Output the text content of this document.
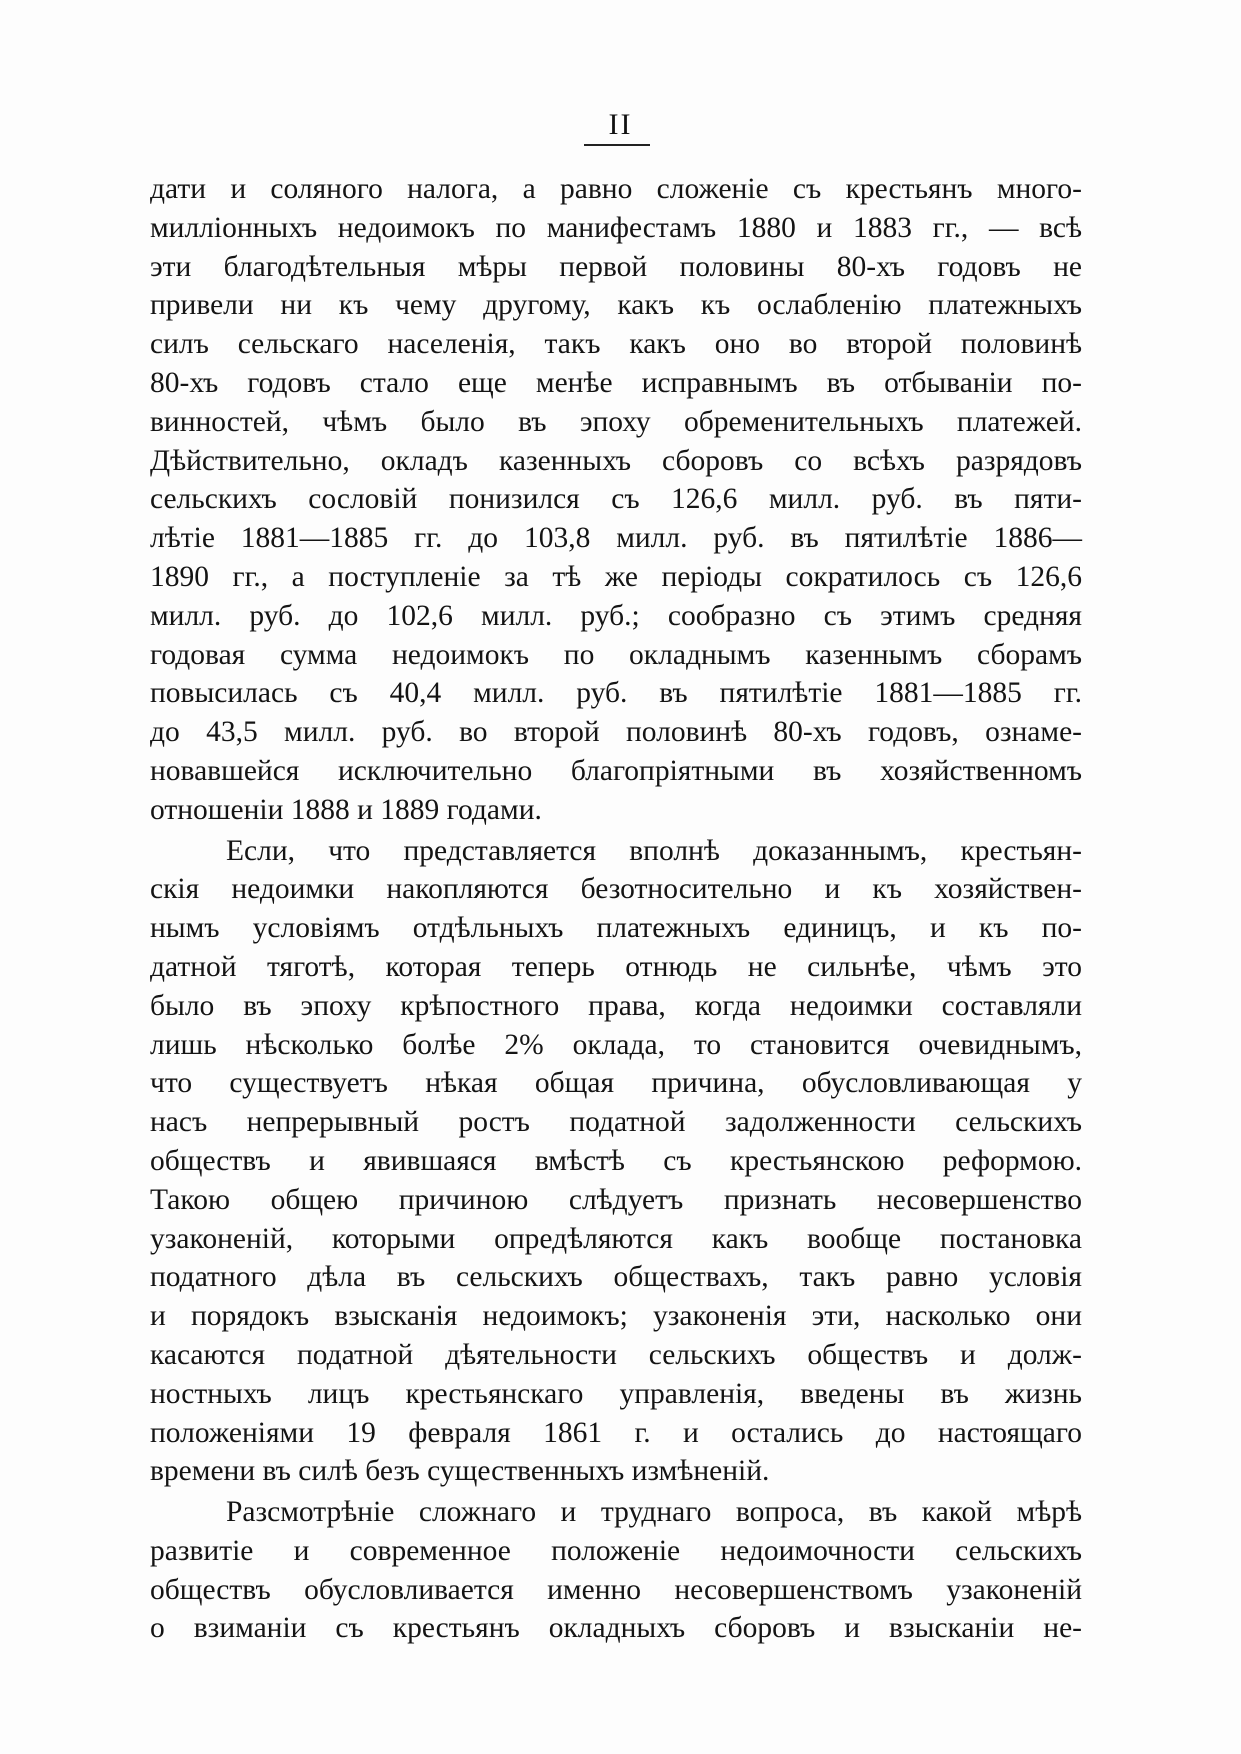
II
дати и соляного налога, а равно сложеніе съ крестьянъ много-
милліонныхъ недоимокъ по манифестамъ 1880 и 1883 гг., — всѣ
эти благодѣтельныя мѣры первой половины 80-хъ годовъ не
привели ни къ чему другому, какъ къ ослабленію платежныхъ
силъ сельскаго населенія, такъ какъ оно во второй половинѣ
80-хъ годовъ стало еще менѣе исправнымъ въ отбываніи по-
винностей, чѣмъ было въ эпоху обременительныхъ платежей.
Дѣйствительно, окладъ казенныхъ сборовъ со всѣхъ разрядовъ
сельскихъ сословій понизился съ 126,6 милл. руб. въ пяти-
лѣтіе 1881—1885 гг. до 103,8 милл. руб. въ пятилѣтіе 1886—
1890 гг., а поступленіе за тѣ же періоды сократилось съ 126,6
милл. руб. до 102,6 милл. руб.; сообразно съ этимъ средняя
годовая сумма недоимокъ по окладнымъ казеннымъ сборамъ
повысилась съ 40,4 милл. руб. въ пятилѣтіе 1881—1885 гг.
до 43,5 милл. руб. во второй половинѣ 80-хъ годовъ, ознаме-
новавшейся исключительно благопріятными въ хозяйственномъ
отношеніи 1888 и 1889 годами.
Если, что представляется вполнѣ доказаннымъ, крестьян-
скія недоимки накопляются безотносительно и къ хозяйствен-
нымъ условіямъ отдѣльныхъ платежныхъ единицъ, и къ по-
датной тяготѣ, которая теперь отнюдь не сильнѣе, чѣмъ это
было въ эпоху крѣпостного права, когда недоимки составляли
лишь нѣсколько болѣе 2% оклада, то становится очевиднымъ,
что существуетъ нѣкая общая причина, обусловливающая у
насъ непрерывный ростъ податной задолженности сельскихъ
обществъ и явившаяся вмѣстѣ съ крестьянскою реформою.
Такою общею причиною слѣдуетъ признать несовершенство
узаконеній, которыми опредѣляются какъ вообще постановка
податного дѣла въ сельскихъ обществахъ, такъ равно условія
и порядокъ взысканія недоимокъ; узаконенія эти, насколько они
касаются податной дѣятельности сельскихъ обществъ и долж-
ностныхъ лицъ крестьянскаго управленія, введены въ жизнь
положеніями 19 февраля 1861 г. и остались до настоящаго
времени въ силѣ безъ существенныхъ измѣненій.
Разсмотрѣніе сложнаго и труднаго вопроса, въ какой мѣрѣ
развитіе и современное положеніе недоимочности сельскихъ
обществъ обусловливается именно несовершенствомъ узаконеній
о взиманіи съ крестьянъ окладныхъ сборовъ и взысканіи не-
